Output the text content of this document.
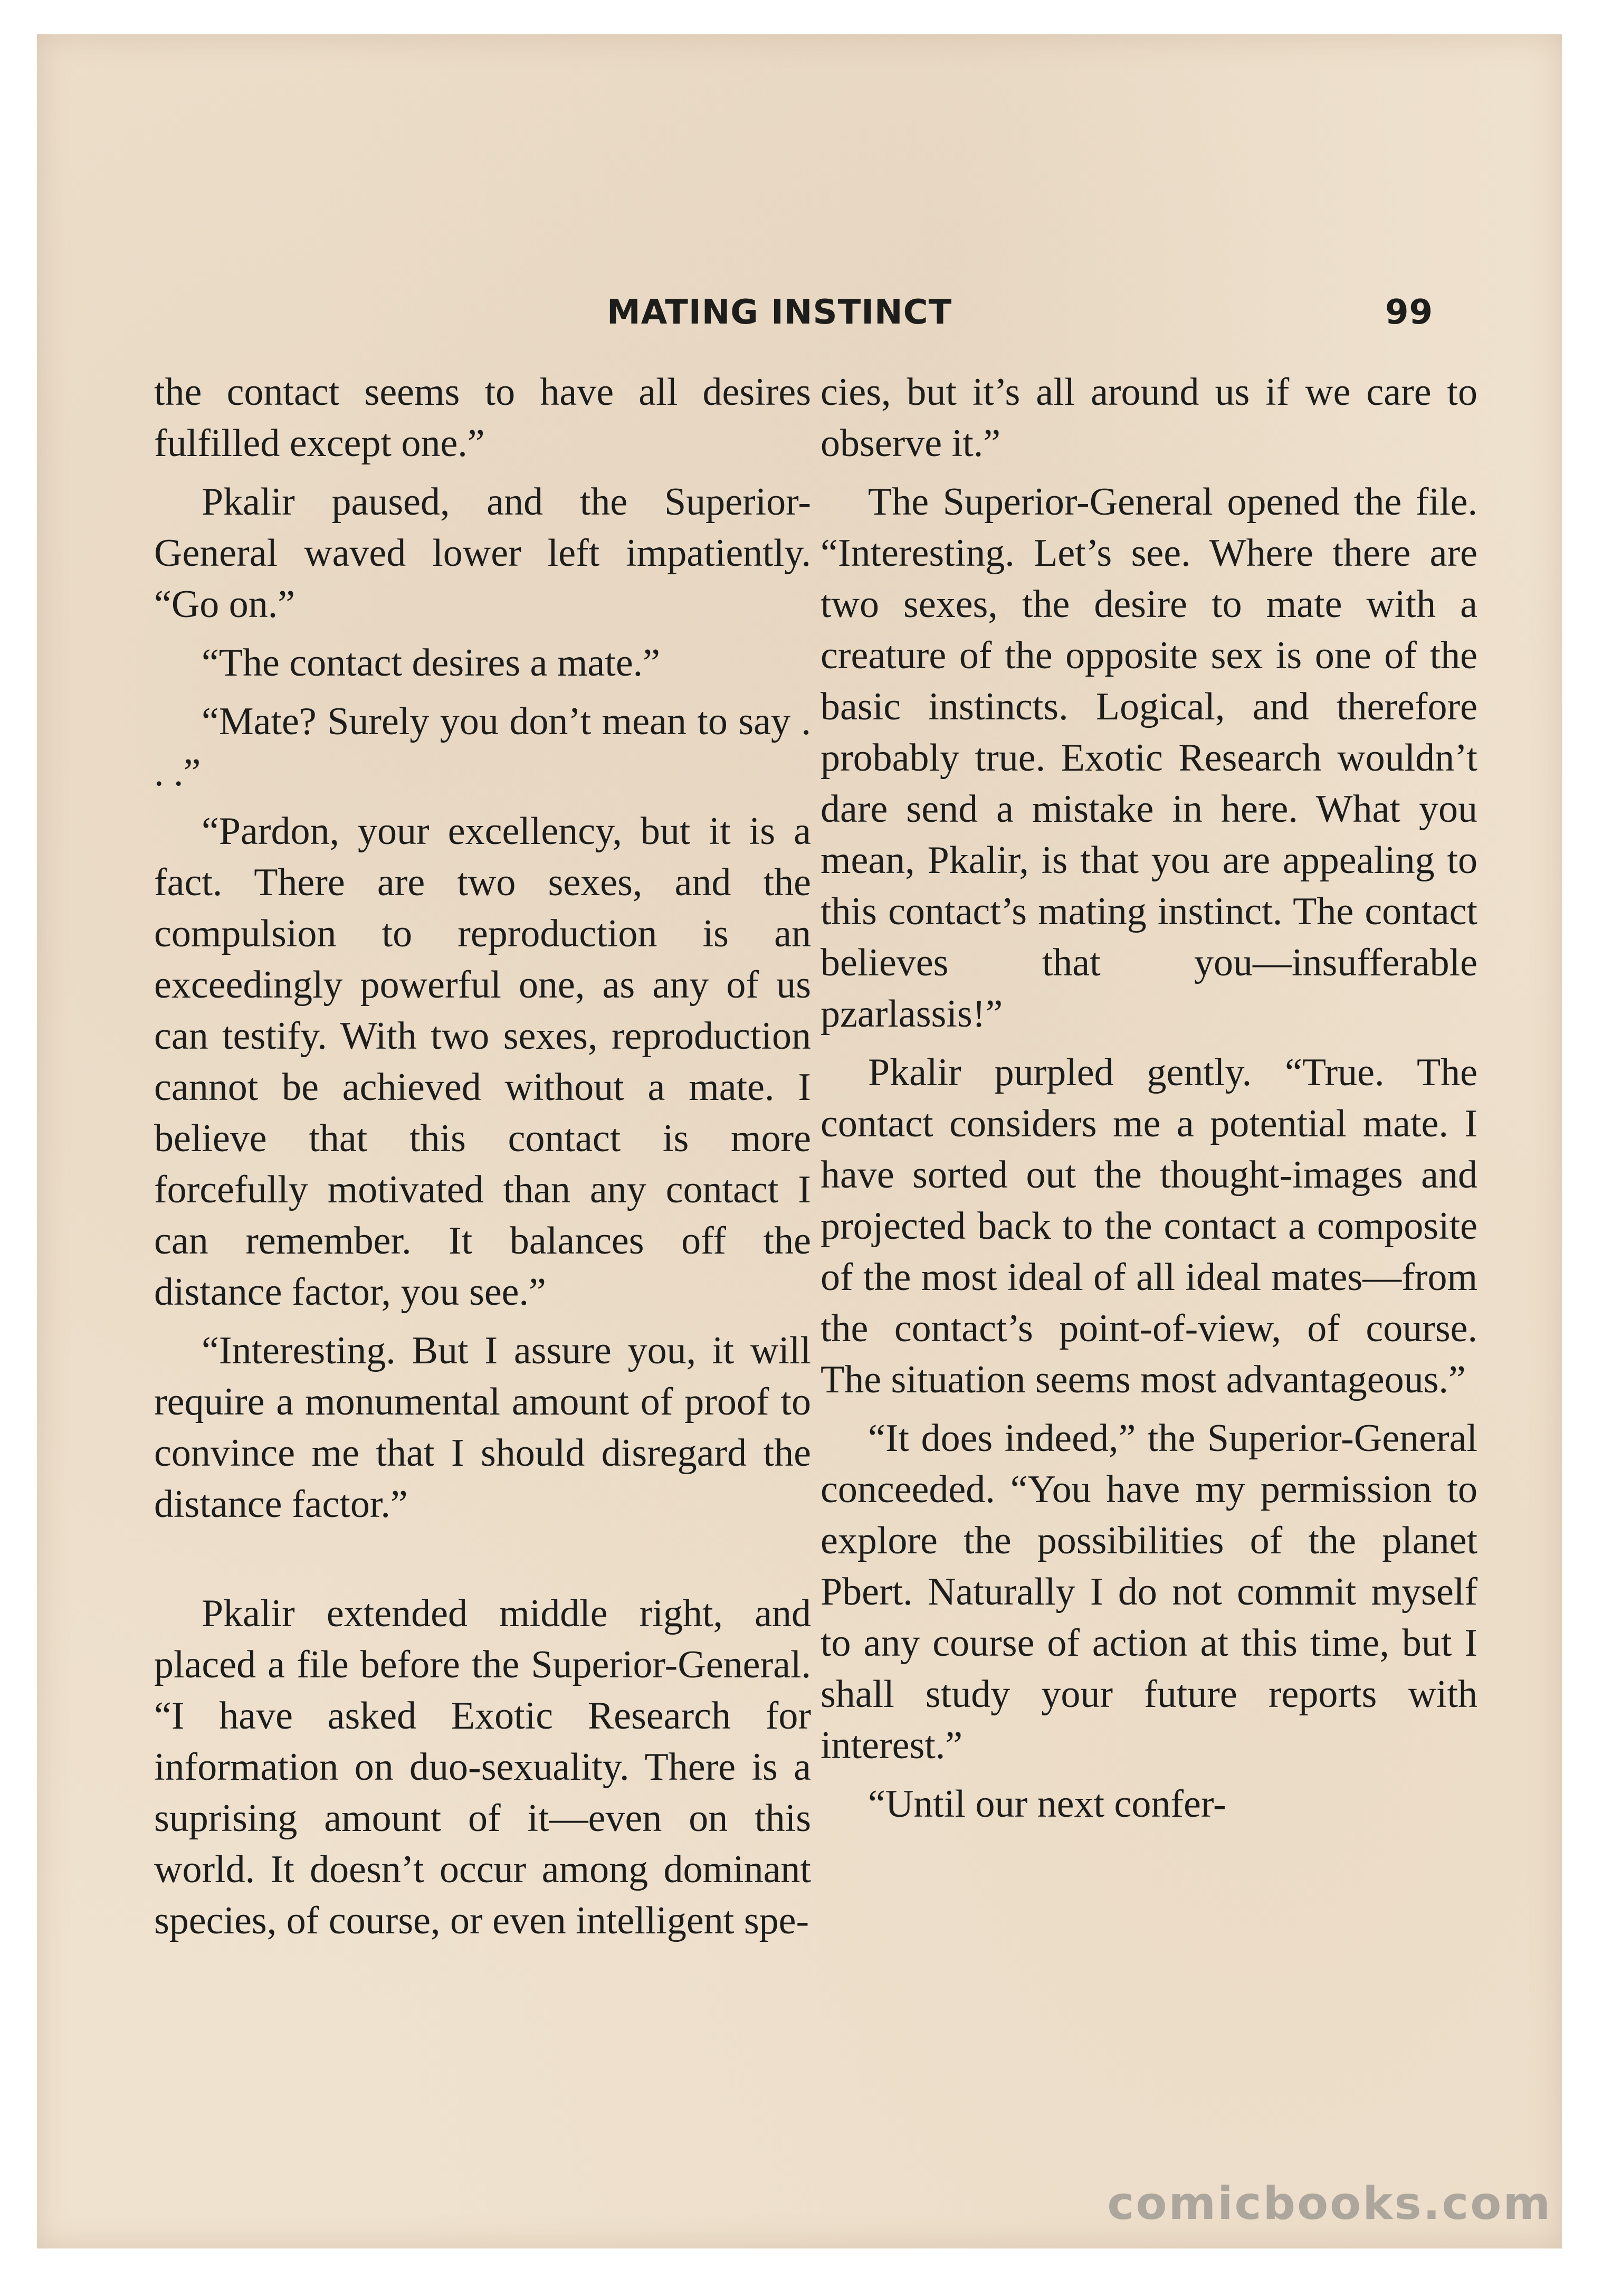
MATING INSTINCT	99

the contact seems to have all desires fulfilled except one.”

Pkalir paused, and the Superior-General waved lower left impatiently. “Go on.”

“The contact desires a mate.”

“Mate? Surely you don’t mean to say . . .”

“Pardon, your excellency, but it is a fact. There are two sexes, and the compulsion to reproduction is an exceedingly powerful one, as any of us can testify. With two sexes, reproduction cannot be achieved without a mate. I believe that this contact is more forcefully motivated than any contact I can remember. It balances off the distance factor, you see.”

“Interesting. But I assure you, it will require a monumental amount of proof to convince me that I should disregard the distance factor.”

Pkalir extended middle right, and placed a file before the Superior-General. “I have asked Exotic Research for information on duo-sexuality. There is a suprising amount of it—even on this world. It doesn’t occur among dominant species, of course, or even intelligent spe-

cies, but it’s all around us if we care to observe it.”

The Superior-General opened the file. “Interesting. Let’s see. Where there are two sexes, the desire to mate with a creature of the opposite sex is one of the basic instincts. Logical, and therefore probably true. Exotic Research wouldn’t dare send a mistake in here. What you mean, Pkalir, is that you are appealing to this contact’s mating instinct. The contact believes that you—insufferable pzarlassis!”

Pkalir purpled gently. “True. The contact considers me a potential mate. I have sorted out the thought-images and projected back to the contact a composite of the most ideal of all ideal mates—from the contact’s point-of-view, of course. The situation seems most advantageous.”

“It does indeed,” the Superior-General conceeded. “You have my permission to explore the possibilities of the planet Pbert. Naturally I do not commit myself to any course of action at this time, but I shall study your future reports with interest.”

“Until our next confer-

comicbooks.com
